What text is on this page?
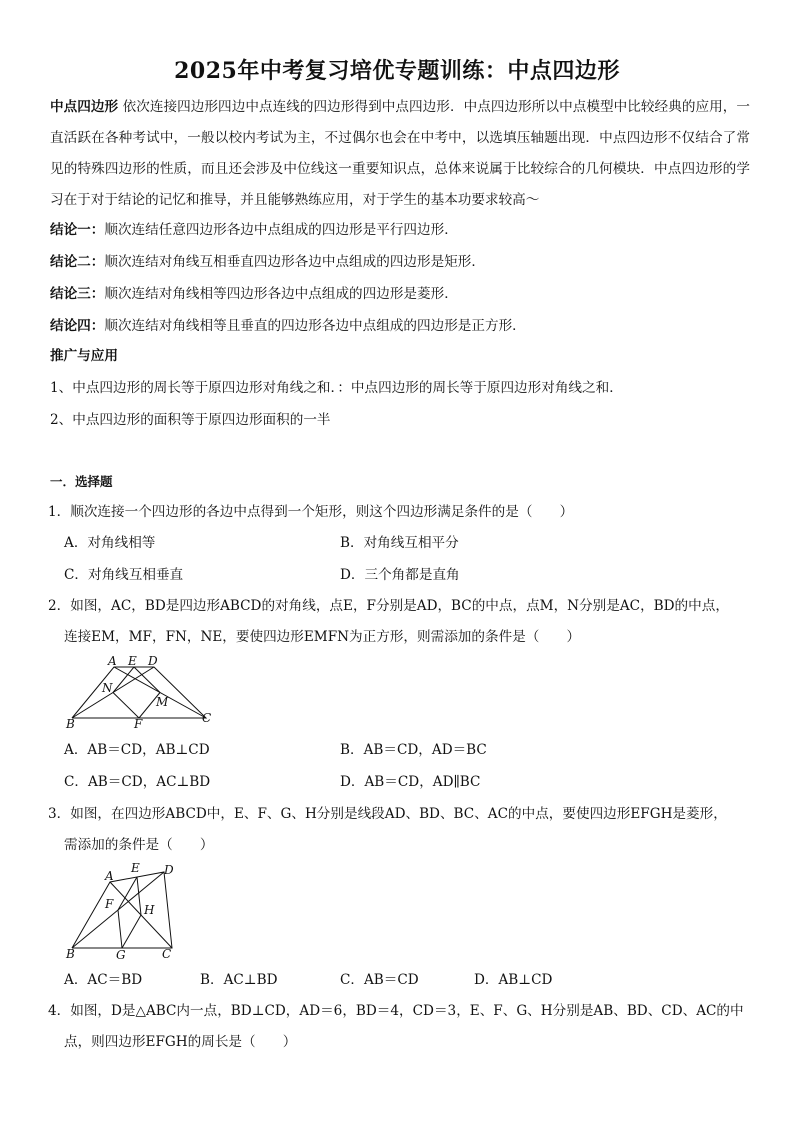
2025年中考复习培优专题训练：中点四边形
中点四边形 依次连接四边形四边中点连线的四边形得到中点四边形．中点四边形所以中点模型中比较经典的应用，一直活跃在各种考试中，一般以校内考试为主，不过偶尔也会在中考中，以选填压轴题出现．中点四边形不仅结合了常见的特殊四边形的性质，而且还会涉及中位线这一重要知识点，总体来说属于比较综合的几何模块．中点四边形的学习在于对于结论的记忆和推导，并且能够熟练应用，对于学生的基本功要求较高～
结论一：顺次连结任意四边形各边中点组成的四边形是平行四边形．
结论二：顺次连结对角线互相垂直四边形各边中点组成的四边形是矩形．
结论三：顺次连结对角线相等四边形各边中点组成的四边形是菱形．
结论四：顺次连结对角线相等且垂直的四边形各边中点组成的四边形是正方形．
推广与应用
1、中点四边形的周长等于原四边形对角线之和．：中点四边形的周长等于原四边形对角线之和．
2、中点四边形的面积等于原四边形面积的一半
一．选择题
1．顺次连接一个四边形的各边中点得到一个矩形，则这个四边形满足条件的是（　　）
A．对角线相等	B．对角线互相平分
C．对角线互相垂直	D．三个角都是直角
2．如图，AC，BD是四边形ABCD的对角线，点E，F分别是AD，BC的中点，点M，N分别是AC，BD的中点，
连接EM，MF，FN，NE，要使四边形EMFN为正方形，则需添加的条件是（　　）
A E D
N
M
B	F	C
A．AB＝CD，AB⊥CD	B．AB＝CD，AD＝BC
C．AB＝CD，AC⊥BD	D．AB＝CD，AD∥BC
3．如图，在四边形ABCD中，E、F、G、H分别是线段AD、BD、BC、AC的中点，要使四边形EFGH是菱形，
需添加的条件是（　　）
E
A	D
F	H
B	G	C
A．AC＝BD	B．AC⊥BD	C．AB＝CD	D．AB⊥CD
4．如图，D是△ABC内一点，BD⊥CD，AD＝6，BD＝4，CD＝3，E、F、G、H分别是AB、BD、CD、AC的中
点，则四边形EFGH的周长是（　　）
